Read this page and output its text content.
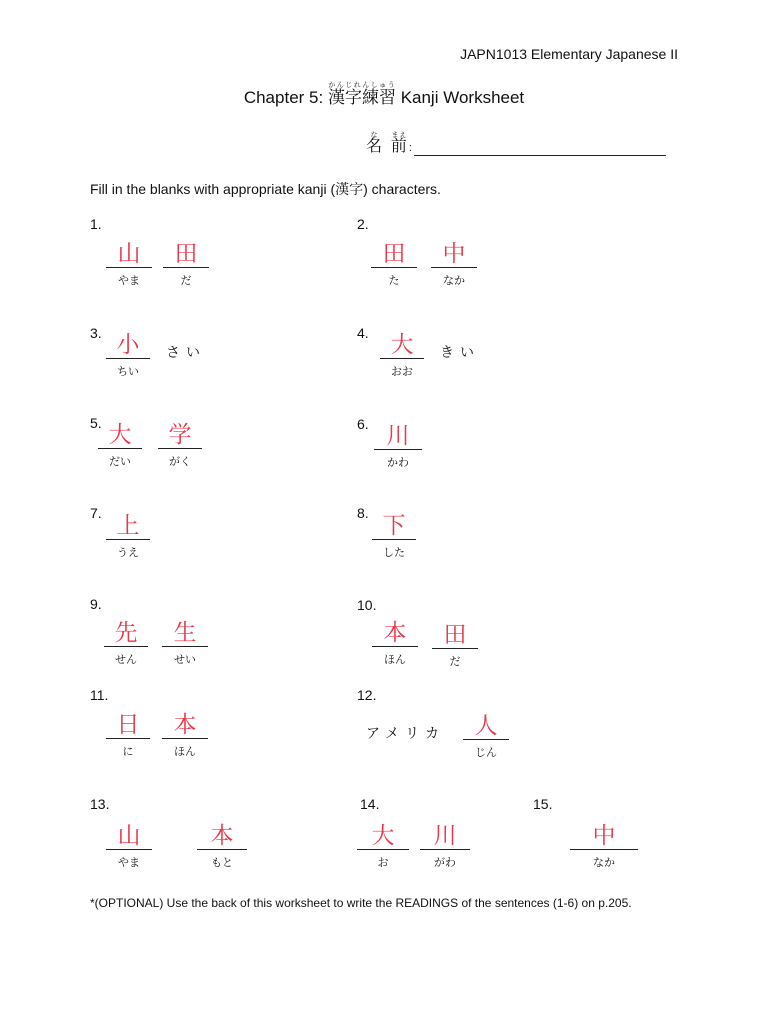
JAPN1013 Elementary Japanese II
Chapter 5: 漢字練習かんじれんしゅう Kanji Worksheet
名な  前まえ:
Fill in the blanks with appropriate kanji (漢字) characters.
1.
山
やま
田
だ
2.
田
た
中
なか
3. 小
ちい
さい
4. 大
おお
きい
5. 大
だい
学
がく
6. 川
かわ
7. 上
うえ
8. 下
した
9.
先
せん
生
せい
10.
本
ほん
田
だ
11.
日
に
本
ほん
12.
アメリカ	人
じん
13.
山
やま
本
もと
14.
大
お
川
がわ
15.
中
なか
*(OPTIONAL) Use the back of this worksheet to write the READINGS of the sentences (1-6) on p.205.
